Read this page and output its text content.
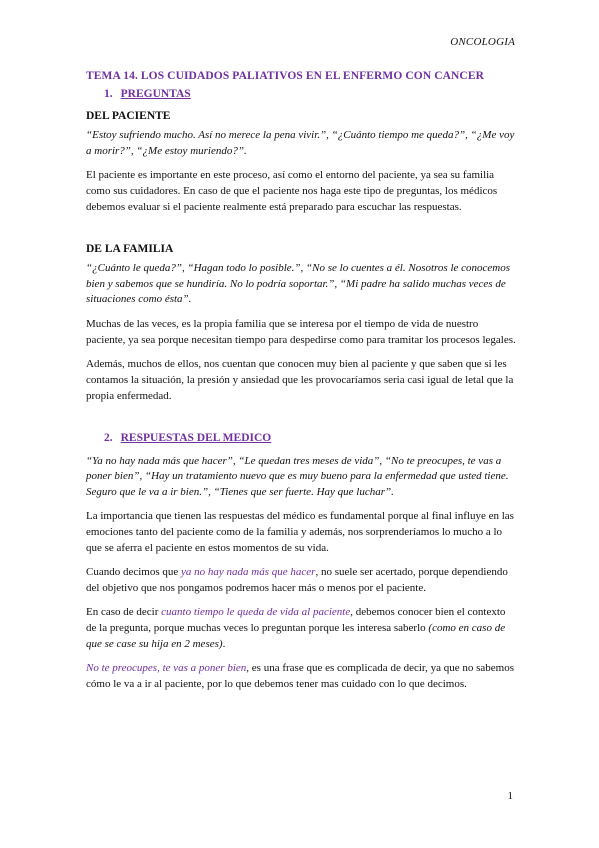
ONCOLOGIA
TEMA 14. LOS CUIDADOS PALIATIVOS EN EL ENFERMO CON CANCER
1. PREGUNTAS
DEL PACIENTE
“Estoy sufriendo mucho. Así no merece la pena vivir.”, “¿Cuánto tiempo me queda?”, “¿Me voy a morir?”, “¿Me estoy muriendo?”.

El paciente es importante en este proceso, así como el entorno del paciente, ya sea su familia como sus cuidadores. En caso de que el paciente nos haga este tipo de preguntas, los médicos debemos evaluar si el paciente realmente está preparado para escuchar las respuestas.

DE LA FAMILIA
“¿Cuánto le queda?”, “Hagan todo lo posible.”, “No se lo cuentes a él. Nosotros le conocemos bien y sabemos que se hundiría. No lo podría soportar.”, “Mi padre ha salido muchas veces de situaciones como ésta”.

Muchas de las veces, es la propia familia que se interesa por el tiempo de vida de nuestro paciente, ya sea porque necesitan tiempo para despedirse como para tramitar los procesos legales.

Además, muchos de ellos, nos cuentan que conocen muy bien al paciente y que saben que si les contamos la situación, la presión y ansiedad que les provocaríamos seria casi igual de letal que la propia enfermedad.

2. RESPUESTAS DEL MEDICO
“Ya no hay nada más que hacer”, “Le quedan tres meses de vida”, “No te preocupes, te vas a poner bien”, “Hay un tratamiento nuevo que es muy bueno para la enfermedad que usted tiene. Seguro que le va a ir bien.”, “Tienes que ser fuerte. Hay que luchar”.

La importancia que tienen las respuestas del médico es fundamental porque al final influye en las emociones tanto del paciente como de la familia y además, nos sorprenderíamos lo mucho a lo que se aferra el paciente en estos momentos de su vida.

Cuando decimos que ya no hay nada más que hacer, no suele ser acertado, porque dependiendo del objetivo que nos pongamos podremos hacer más o menos por el paciente.

En caso de decir cuanto tiempo le queda de vida al paciente, debemos conocer bien el contexto de la pregunta, porque muchas veces lo preguntan porque les interesa saberlo (como en caso de que se case su hija en 2 meses).

No te preocupes, te vas a poner bien, es una frase que es complicada de decir, ya que no sabemos cómo le va a ir al paciente, por lo que debemos tener mas cuidado con lo que decimos.

1
